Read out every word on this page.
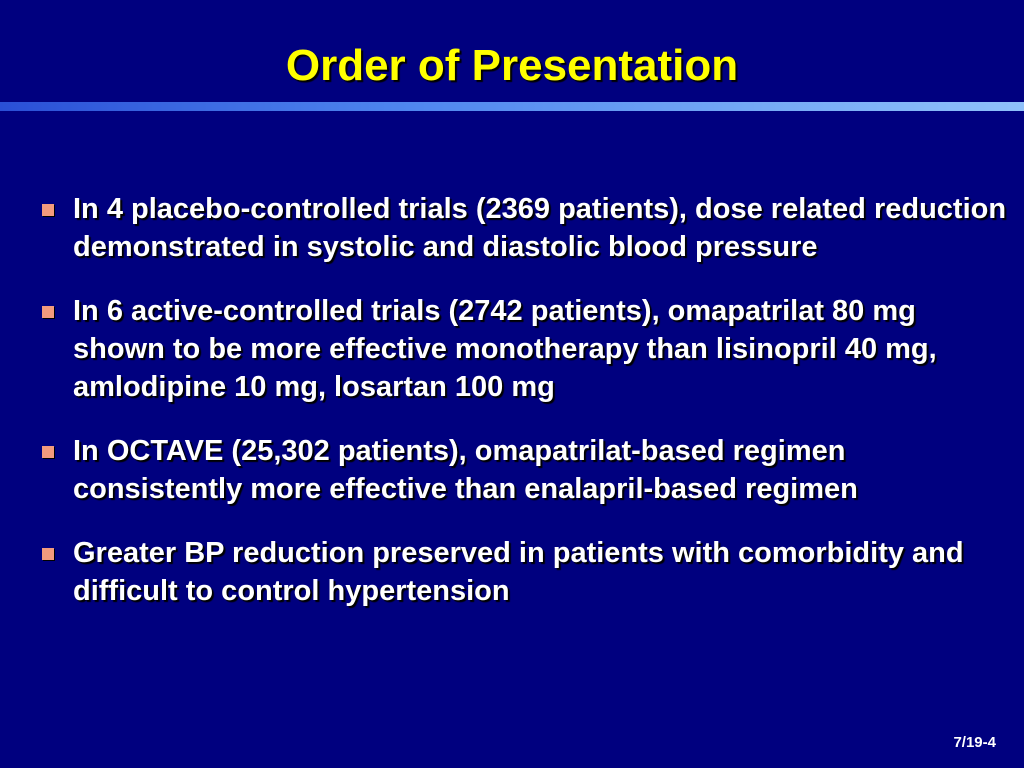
Order of Presentation
In 4 placebo-controlled trials (2369 patients), dose related reduction demonstrated in systolic and diastolic blood pressure
In 6 active-controlled trials (2742 patients), omapatrilat 80 mg shown to be more effective monotherapy than lisinopril 40 mg, amlodipine 10 mg, losartan 100 mg
In OCTAVE (25,302 patients), omapatrilat-based regimen consistently more effective than enalapril-based regimen
Greater BP reduction preserved in patients with comorbidity and difficult to control hypertension
7/19-4
